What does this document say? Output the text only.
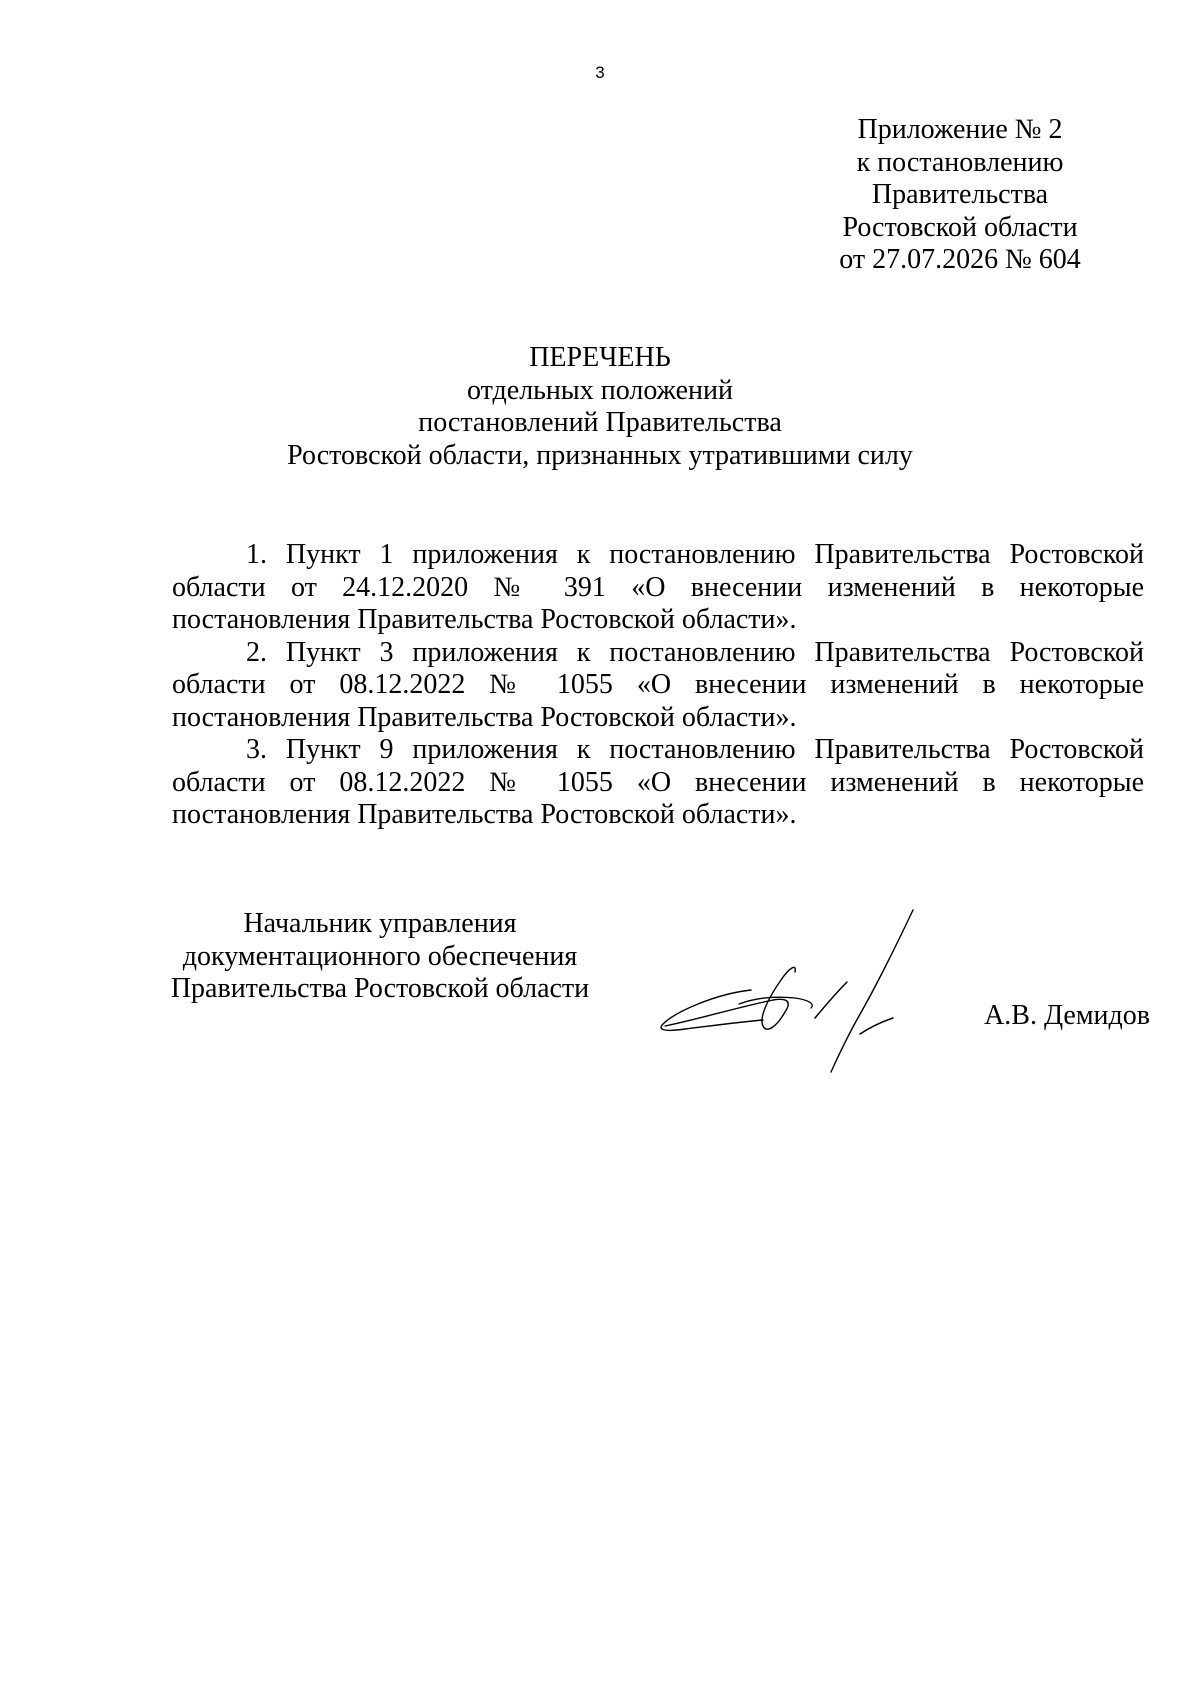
3
Приложение № 2
к постановлению
Правительства
Ростовской области
от 27.07.2026 № 604
ПЕРЕЧЕНЬ
отдельных положений
постановлений Правительства
Ростовской области, признанных утратившими силу
1. Пункт 1 приложения к постановлению Правительства Ростовской области от 24.12.2020 № 391 «О внесении изменений в некоторые постановления Правительства Ростовской области».
2. Пункт 3 приложения к постановлению Правительства Ростовской области от 08.12.2022 № 1055 «О внесении изменений в некоторые постановления Правительства Ростовской области».
3. Пункт 9 приложения к постановлению Правительства Ростовской области от 08.12.2022 № 1055 «О внесении изменений в некоторые постановления Правительства Ростовской области».
Начальник управления
документационного обеспечения
Правительства Ростовской области
А.В. Демидов
